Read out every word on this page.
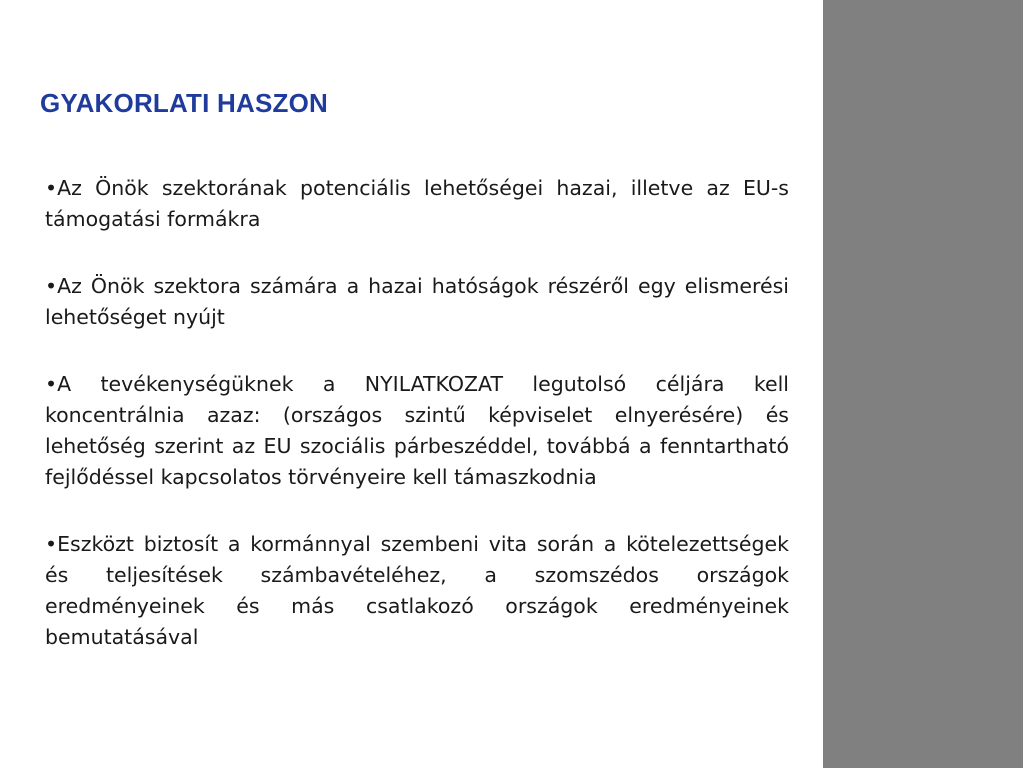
GYAKORLATI HASZON
•Az Önök szektorának potenciális lehetőségei hazai, illetve az EU-s támogatási formákra
•Az Önök szektora számára a hazai hatóságok részéről egy elismerési lehetőséget nyújt
•A tevékenységüknek a NYILATKOZAT legutolsó céljára kell koncentrálnia azaz: (országos szintű képviselet elnyerésére) és lehetőség szerint az EU szociális párbeszéddel, továbbá a fenntartható fejlődéssel kapcsolatos törvényeire kell támaszkodnia
•Eszközt biztosít a kormánnyal szembeni vita során a kötelezettségek és teljesítések számbavételéhez, a szomszédos országok eredményeinek és más csatlakozó országok eredményeinek bemutatásával
